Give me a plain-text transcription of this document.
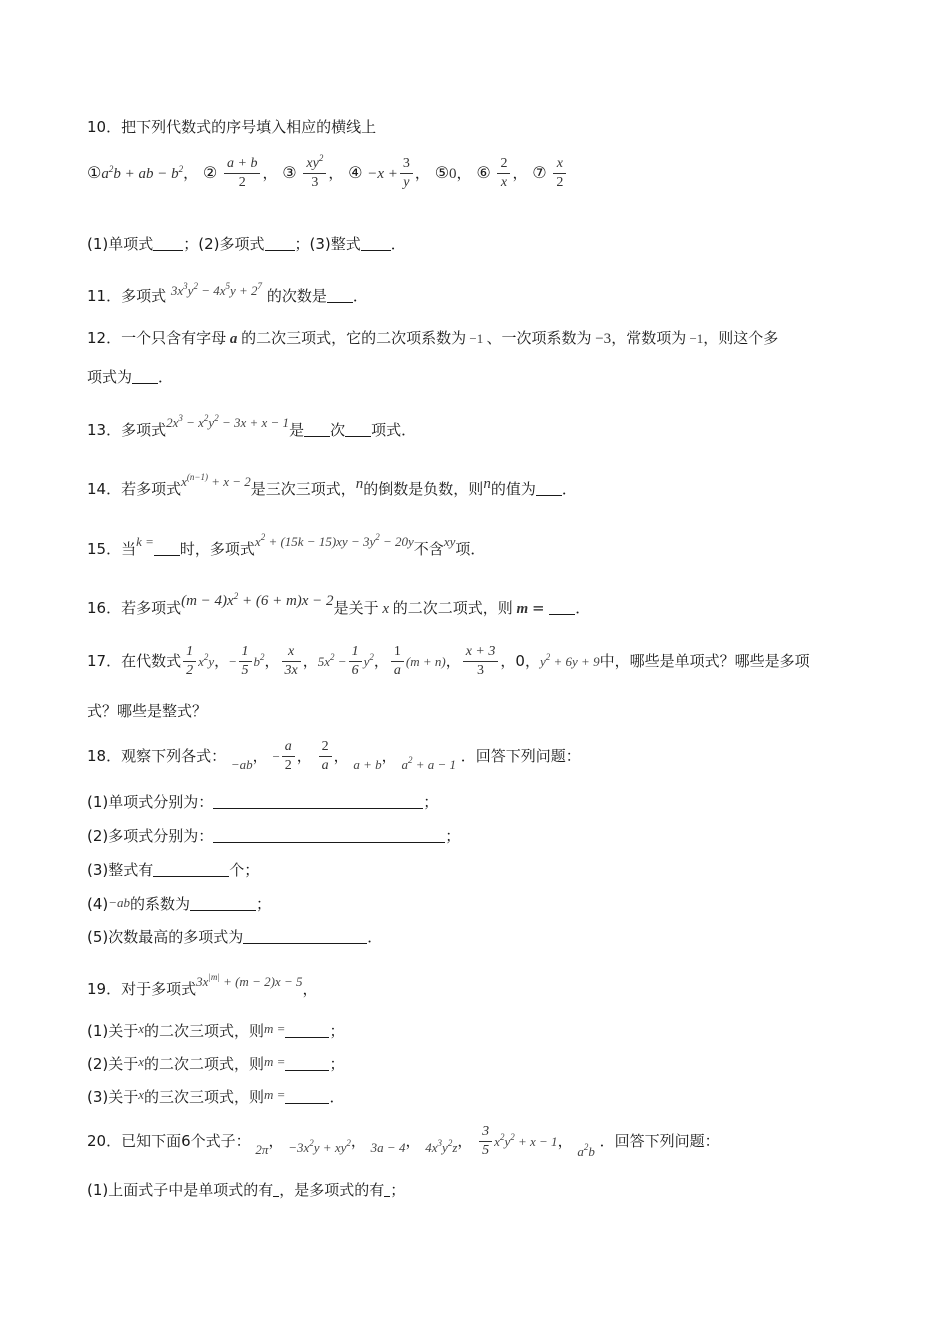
10．把下列代数式的序号填入相应的横线上
$①a^2b$ + ab − $b^2$， ② $\frac{a + b}{2}$ ， ③ $\frac{xy^2}{3}$ ， ④ $-x + \frac{3}{y}$ ， ⑤0， ⑥ $\frac{2}{x}$ ， ⑦ $\frac{x}{2}$
(1)单项式 ；(2)多项式 ；(3)整式 ．
11．多项式 $3x^3y^2 - 4x^5y + 2^7$ 的次数是 ．
12．一个只含有字母 a 的二次三项式，它的二次项系数为 −1 、一次项系数为 −3，常数项为 −1，则这个多
项式为 ．
13．多项式$2x^3 - x^2y^2 - 3x + x - 1$是 次 项式．
14．若多项式$x^{(n-1)} + x - 2$是三次三项式，n的倒数是负数，则n的值为 ．
15．当k = 时，多项式$x^2 + (15k - 15)xy - 3y^2 - 20y$不含xy项．
16．若多项式$(m - 4)x^2 + (6 + m)x - 2$是关于 x 的二次二项式，则 m = ．
17．在代数式 $\frac{1}{2} x^2y$，− $\frac{1}{5} b^2$， $\frac{x}{3x}$ ，$5x^2 - \frac{1}{6} y^2$， $\frac{1}{a} (m + n)$， $\frac{x + 3}{3}$ ，0，$y^2 + 6y + 9$中，哪些是单项式？哪些是多项
式？哪些是整式？
18．观察下列各式： −ab， − $\frac{a}{2}$ ， $\frac{2}{a}$ ， a + b， $a^2 + a - 1$ ．回答下列问题：
(1)单项式分别为：	；
(2)多项式分别为：	；
(3)整式有	个；
(4)−ab的系数为	；
(5)次数最高的多项式为	．
19．对于多项式$3x^{|m|} + (m - 2)x - 5$，
(1)关于x的二次三项式，则m =	；
(2)关于x的二次二项式，则m =	；
(3)关于x的三次三项式，则m =	．
20．已知下面6个式子： 2π， $-3x^2y + xy^2$， 3a − 4， $4x^3y^2z$， $\frac{3}{5} x^2y^2 + x - 1$， $a^2b$ ．回答下列问题：
(1)上面式子中是单项式的有 ，是多项式的有 ；
